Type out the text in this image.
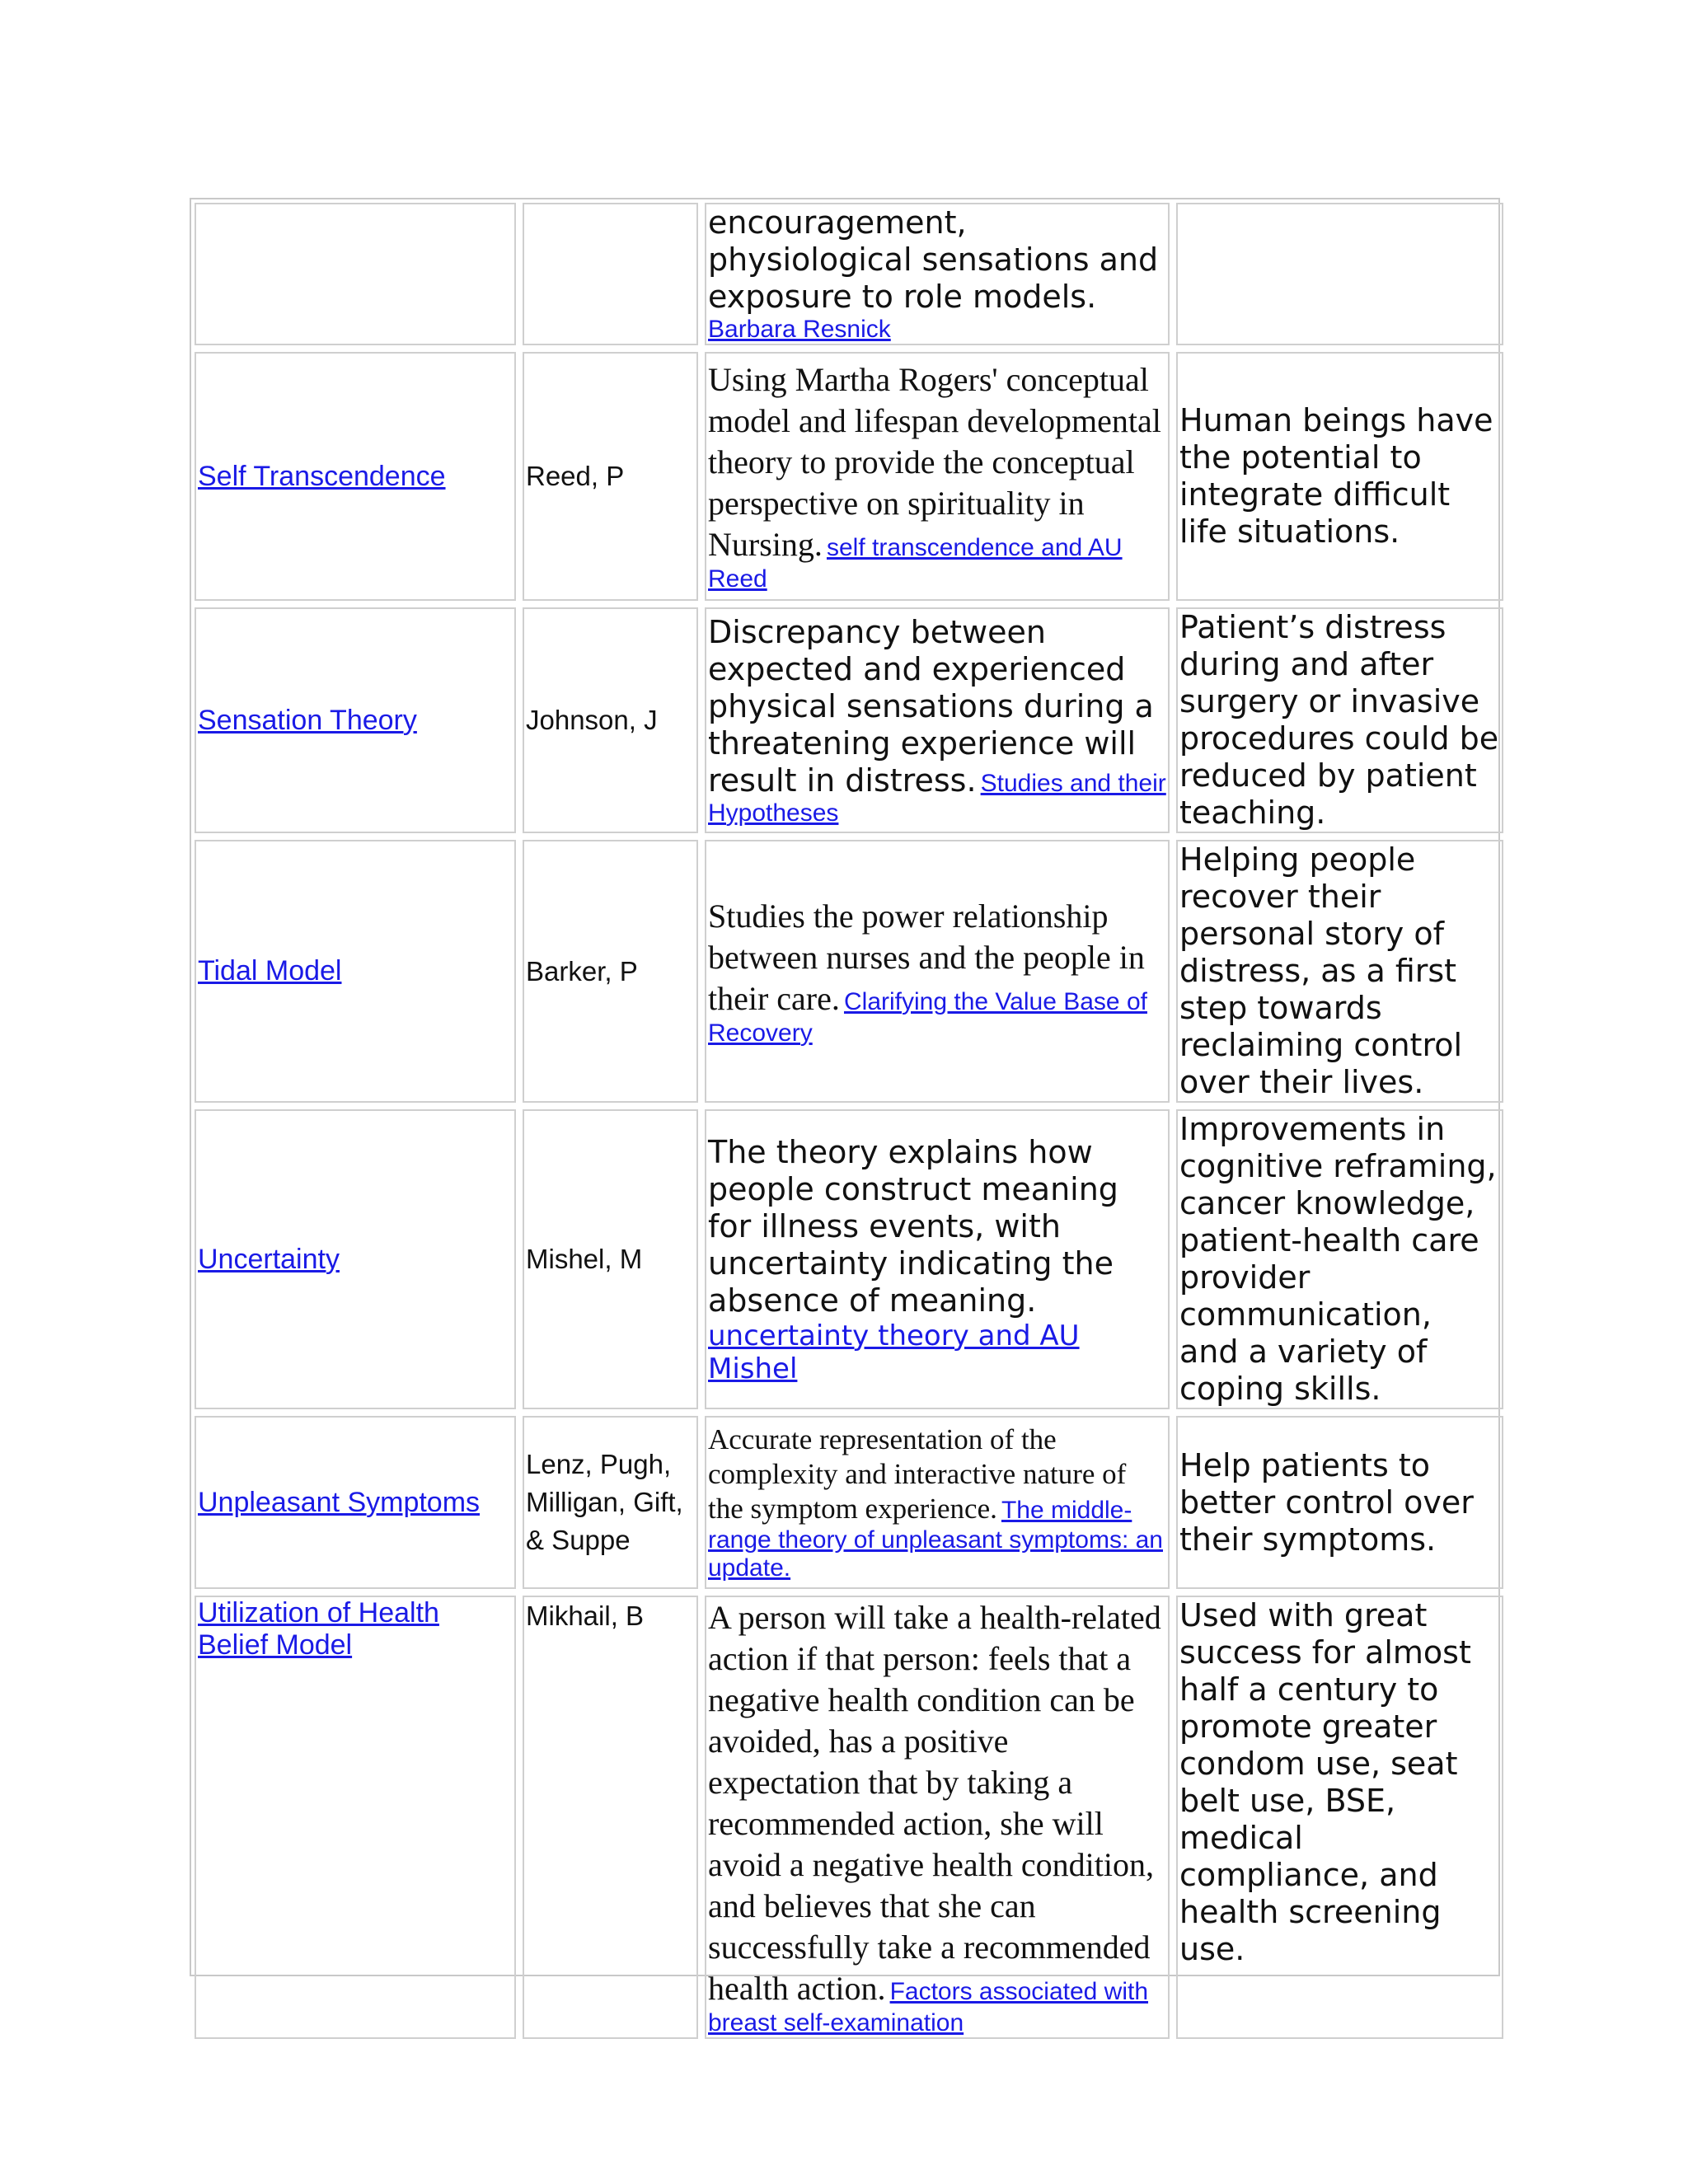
		encouragement, physiological sensations and exposure to role models. Barbara Resnick	

Self Transcendence	Reed, P	Using Martha Rogers' conceptual model and lifespan developmental theory to provide the conceptual perspective on spirituality in Nursing. self transcendence and AU Reed	Human beings have the potential to integrate difficult life situations.

Sensation Theory	Johnson, J	Discrepancy between expected and experienced physical sensations during a threatening experience will result in distress. Studies and their Hypotheses	Patient’s distress during and after surgery or invasive procedures could be reduced by patient teaching.

Tidal Model	Barker, P	Studies the power relationship between nurses and the people in their care. Clarifying the Value Base of Recovery	Helping people recover their personal story of distress, as a first step towards reclaiming control over their lives.

Uncertainty	Mishel, M	The theory explains how people construct meaning for illness events, with uncertainty indicating the absence of meaning. uncertainty theory and AU Mishel	Improvements in cognitive reframing, cancer knowledge, patient-health care provider communication, and a variety of coping skills.

Unpleasant Symptoms	Lenz, Pugh, Milligan, Gift, & Suppe	Accurate representation of the complexity and interactive nature of the symptom experience. The middle-range theory of unpleasant symptoms: an update.	Help patients to better control over their symptoms.

Utilization of Health Belief Model	Mikhail, B	A person will take a health-related action if that person: feels that a negative health condition can be avoided, has a positive expectation that by taking a recommended action, she will avoid a negative health condition, and believes that she can successfully take a recommended health action. Factors associated with breast self-examination	Used with great success for almost half a century to promote greater condom use, seat belt use, BSE, medical compliance, and health screening use.
